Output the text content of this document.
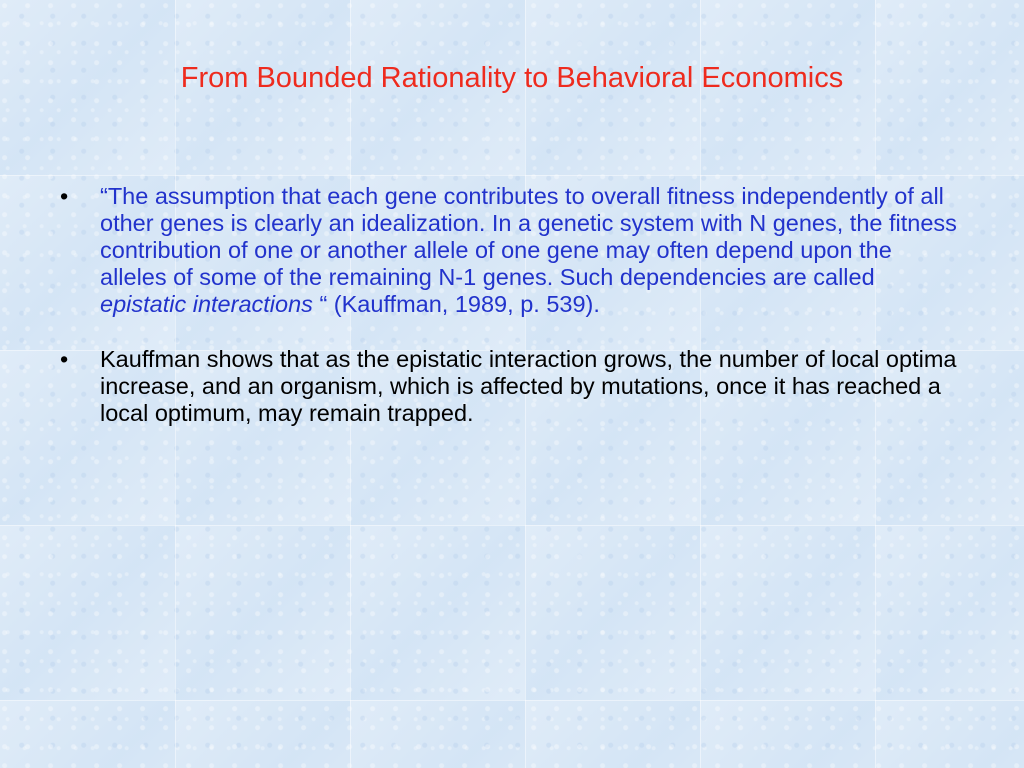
From Bounded Rationality to Behavioral Economics
•	“The assumption that each gene contributes to overall fitness independently of all other genes is clearly an idealization. In a genetic system with N genes, the fitness contribution of one or another allele of one gene may often depend upon the alleles of some of the remaining N-1 genes. Such dependencies are called epistatic interactions “ (Kauffman, 1989, p. 539).
•	Kauffman shows that as the epistatic interaction grows, the number of local optima increase, and an organism, which is affected by mutations, once it has reached a local optimum, may remain trapped.
